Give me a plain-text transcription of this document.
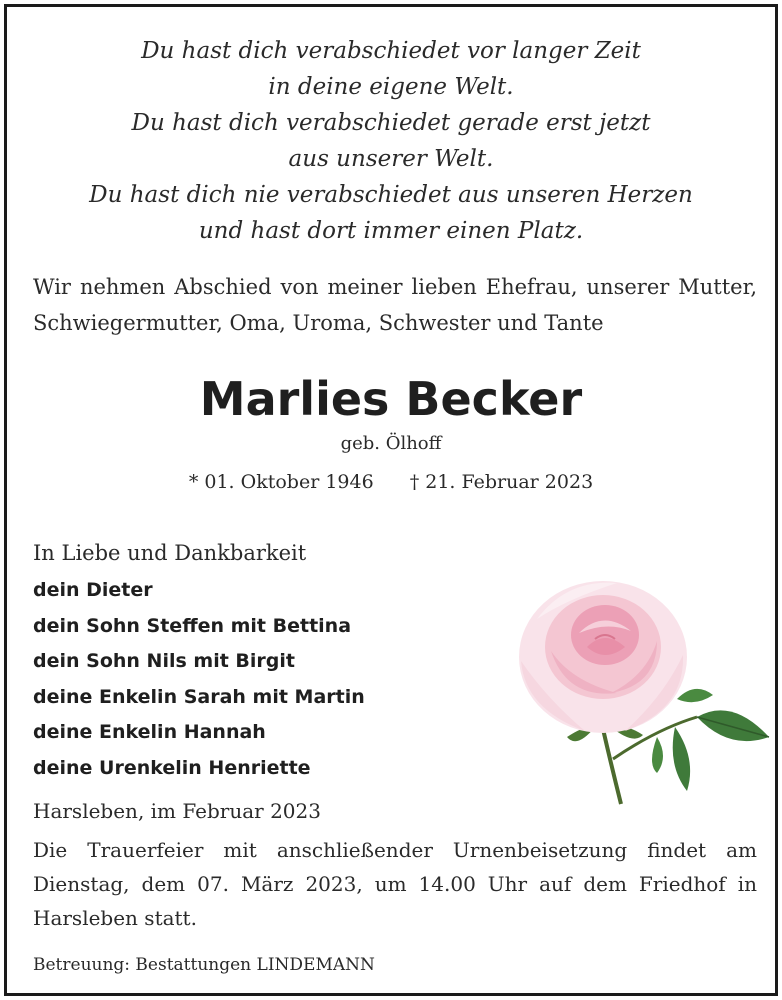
Du hast dich verabschiedet vor langer Zeit
in deine eigene Welt.
Du hast dich verabschiedet gerade erst jetzt
aus unserer Welt.
Du hast dich nie verabschiedet aus unseren Herzen
und hast dort immer einen Platz.
Wir nehmen Abschied von meiner lieben Ehefrau, unserer Mutter, Schwiegermutter, Oma, Uroma, Schwester und Tante
Marlies Becker
geb. Ölhoff
* 01. Oktober 1946 † 21. Februar 2023
In Liebe und Dankbarkeit
dein Dieter
dein Sohn Steffen mit Bettina
dein Sohn Nils mit Birgit
deine Enkelin Sarah mit Martin
deine Enkelin Hannah
deine Urenkelin Henriette
Harsleben, im Februar 2023
Die Trauerfeier mit anschließender Urnenbeisetzung findet am Dienstag, dem 07. März 2023, um 14.00 Uhr auf dem Friedhof in Harsleben statt.
Betreuung: Bestattungen LINDEMANN
